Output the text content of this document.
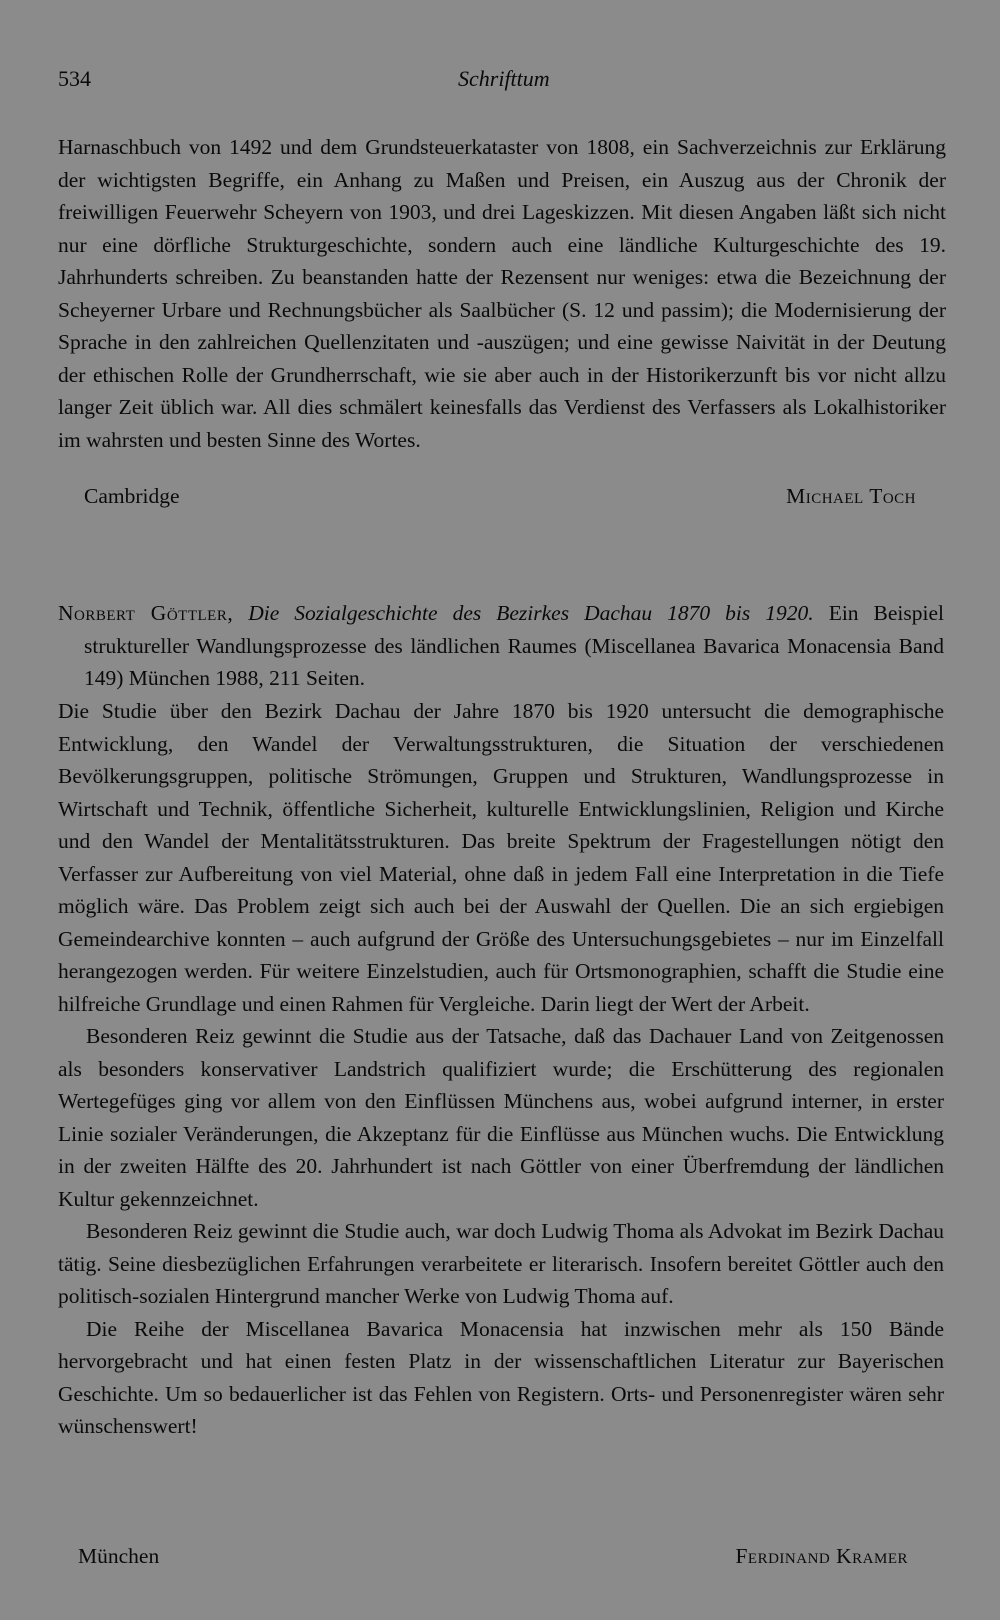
534	Schrifttum

Harnaschbuch von 1492 und dem Grundsteuerkataster von 1808, ein Sachverzeichnis zur Erklärung der wichtigsten Begriffe, ein Anhang zu Maßen und Preisen, ein Auszug aus der Chronik der freiwilligen Feuerwehr Scheyern von 1903, und drei Lageskizzen. Mit diesen Angaben läßt sich nicht nur eine dörfliche Strukturgeschichte, sondern auch eine ländliche Kulturgeschichte des 19. Jahrhunderts schreiben. Zu beanstanden hatte der Rezensent nur weniges: etwa die Bezeichnung der Scheyerner Urbare und Rechnungsbücher als Saalbücher (S. 12 und passim); die Modernisierung der Sprache in den zahlreichen Quellenzitaten und -auszügen; und eine gewisse Naivität in der Deutung der ethischen Rolle der Grundherrschaft, wie sie aber auch in der Historikerzunft bis vor nicht allzu langer Zeit üblich war. All dies schmälert keinesfalls das Verdienst des Verfassers als Lokalhistoriker im wahrsten und besten Sinne des Wortes.

Cambridge	Michael Toch
Norbert Göttler, Die Sozialgeschichte des Bezirkes Dachau 1870 bis 1920. Ein Beispiel struktureller Wandlungsprozesse des ländlichen Raumes (Miscellanea Bavarica Monacensia Band 149) München 1988, 211 Seiten.

Die Studie über den Bezirk Dachau der Jahre 1870 bis 1920 untersucht die demographische Entwicklung, den Wandel der Verwaltungsstrukturen, die Situation der verschiedenen Bevölkerungsgruppen, politische Strömungen, Gruppen und Strukturen, Wandlungsprozesse in Wirtschaft und Technik, öffentliche Sicherheit, kulturelle Entwicklungslinien, Religion und Kirche und den Wandel der Mentalitätsstrukturen. Das breite Spektrum der Fragestellungen nötigt den Verfasser zur Aufbereitung von viel Material, ohne daß in jedem Fall eine Interpretation in die Tiefe möglich wäre. Das Problem zeigt sich auch bei der Auswahl der Quellen. Die an sich ergiebigen Gemeindearchive konnten – auch aufgrund der Größe des Untersuchungsgebietes – nur im Einzelfall herangezogen werden. Für weitere Einzelstudien, auch für Ortsmonographien, schafft die Studie eine hilfreiche Grundlage und einen Rahmen für Vergleiche. Darin liegt der Wert der Arbeit.

Besonderen Reiz gewinnt die Studie aus der Tatsache, daß das Dachauer Land von Zeitgenossen als besonders konservativer Landstrich qualifiziert wurde; die Erschütterung des regionalen Wertegefüges ging vor allem von den Einflüssen Münchens aus, wobei aufgrund interner, in erster Linie sozialer Veränderungen, die Akzeptanz für die Einflüsse aus München wuchs. Die Entwicklung in der zweiten Hälfte des 20. Jahrhundert ist nach Göttler von einer Überfremdung der ländlichen Kultur gekennzeichnet.

Besonderen Reiz gewinnt die Studie auch, war doch Ludwig Thoma als Advokat im Bezirk Dachau tätig. Seine diesbezüglichen Erfahrungen verarbeitete er literarisch. Insofern bereitet Göttler auch den politisch-sozialen Hintergrund mancher Werke von Ludwig Thoma auf.

Die Reihe der Miscellanea Bavarica Monacensia hat inzwischen mehr als 150 Bände hervorgebracht und hat einen festen Platz in der wissenschaftlichen Literatur zur Bayerischen Geschichte. Um so bedauerlicher ist das Fehlen von Registern. Orts- und Personenregister wären sehr wünschenswert!

München	Ferdinand Kramer
